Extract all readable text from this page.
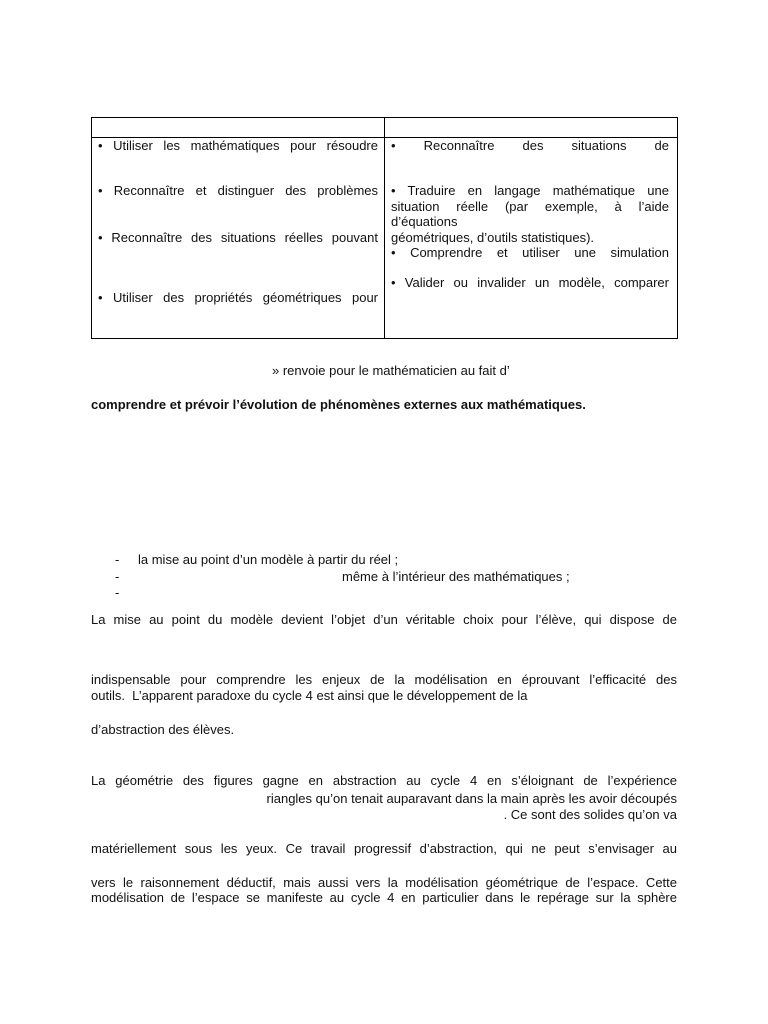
• Utiliser les mathématiques pour résoudre
• Reconnaître et distinguer des problèmes
• Reconnaître des situations réelles pouvant
• Utiliser des propriétés géométriques pour
• Reconnaître des situations de
• Traduire en langage mathématique une
situation réelle (par exemple, à l’aide
d’équations
géométriques, d’outils statistiques).
• Comprendre et utiliser une simulation
• Valider ou invalider un modèle, comparer
» renvoie pour le mathématicien au fait d’
comprendre et prévoir l’évolution de phénomènes externes aux mathématiques.
- la mise au point d’un modèle à partir du réel ;
-	même à l’intérieur des mathématiques ;
-
La mise au point du modèle devient l’objet d’un véritable choix pour l’élève, qui dispose de
indispensable pour comprendre les enjeux de la modélisation en éprouvant l’efficacité des
outils.  L’apparent paradoxe du cycle 4 est ainsi que le développement de la
d’abstraction des élèves.
La géométrie des figures gagne en abstraction au cycle 4 en s’éloignant de l’expérience
riangles qu’on tenait auparavant dans la main après les avoir découpés
. Ce sont des solides qu’on va
matériellement sous les yeux. Ce travail progressif d’abstraction, qui ne peut s’envisager au
vers le raisonnement déductif, mais aussi vers la modélisation géométrique de l’espace. Cette
modélisation de l’espace se manifeste au cycle 4 en particulier dans le repérage sur la sphère
